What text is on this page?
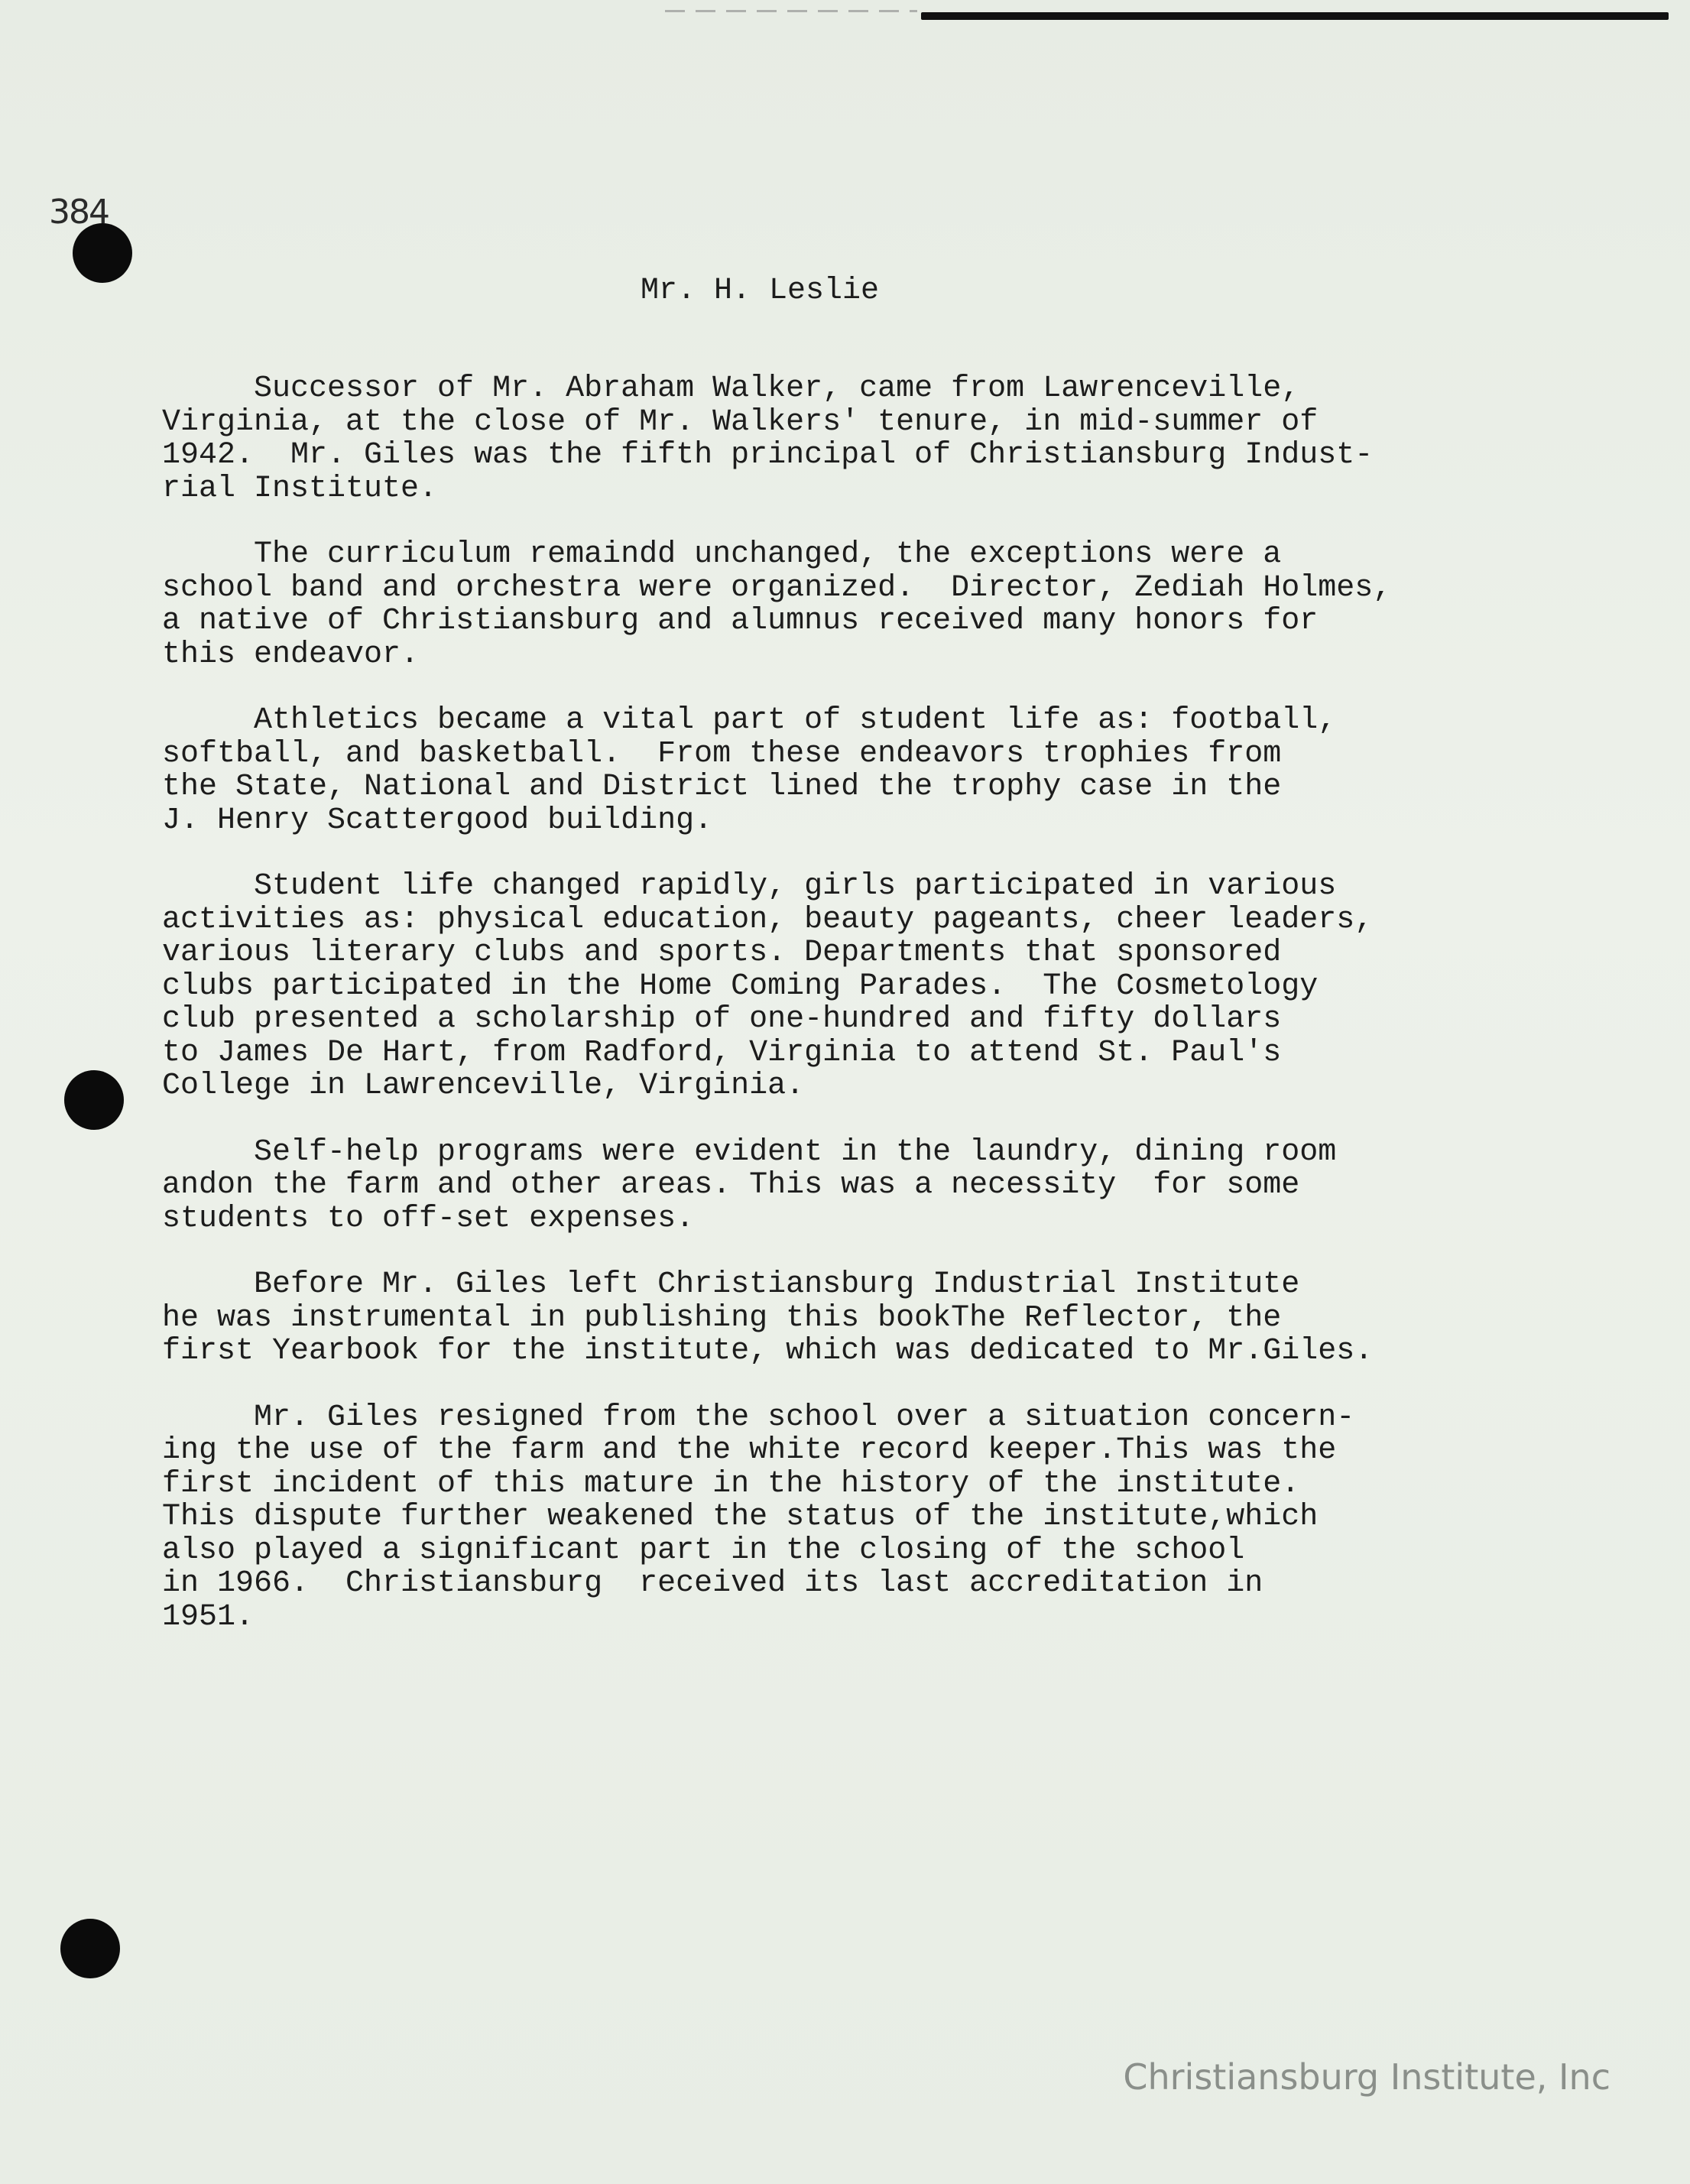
384
Mr. H. Leslie
Successor of Mr. Abraham Walker, came from Lawrenceville,
Virginia, at the close of Mr. Walkers' tenure, in mid-summer of
1942.  Mr. Giles was the fifth principal of Christiansburg Indust-
rial Institute.
The curriculum remaindd unchanged, the exceptions were a
school band and orchestra were organized.  Director, Zediah Holmes,
a native of Christiansburg and alumnus received many honors for
this endeavor.
Athletics became a vital part of student life as: football,
softball, and basketball.  From these endeavors trophies from
the State, National and District lined the trophy case in the
J. Henry Scattergood building.
Student life changed rapidly, girls participated in various
activities as: physical education, beauty pageants, cheer leaders,
various literary clubs and sports. Departments that sponsored
clubs participated in the Home Coming Parades.  The Cosmetology
club presented a scholarship of one-hundred and fifty dollars
to James De Hart, from Radford, Virginia to attend St. Paul's
College in Lawrenceville, Virginia.
Self-help programs were evident in the laundry, dining room
andon the farm and other areas. This was a necessity  for some
students to off-set expenses.
Before Mr. Giles left Christiansburg Industrial Institute
he was instrumental in publishing this bookThe Reflector, the
first Yearbook for the institute, which was dedicated to Mr.Giles.
Mr. Giles resigned from the school over a situation concern-
ing the use of the farm and the white record keeper.This was the
first incident of this mature in the history of the institute.
This dispute further weakened the status of the institute,which
also played a significant part in the closing of the school
in 1966.  Christiansburg  received its last accreditation in
1951.
Christiansburg Institute, Inc
